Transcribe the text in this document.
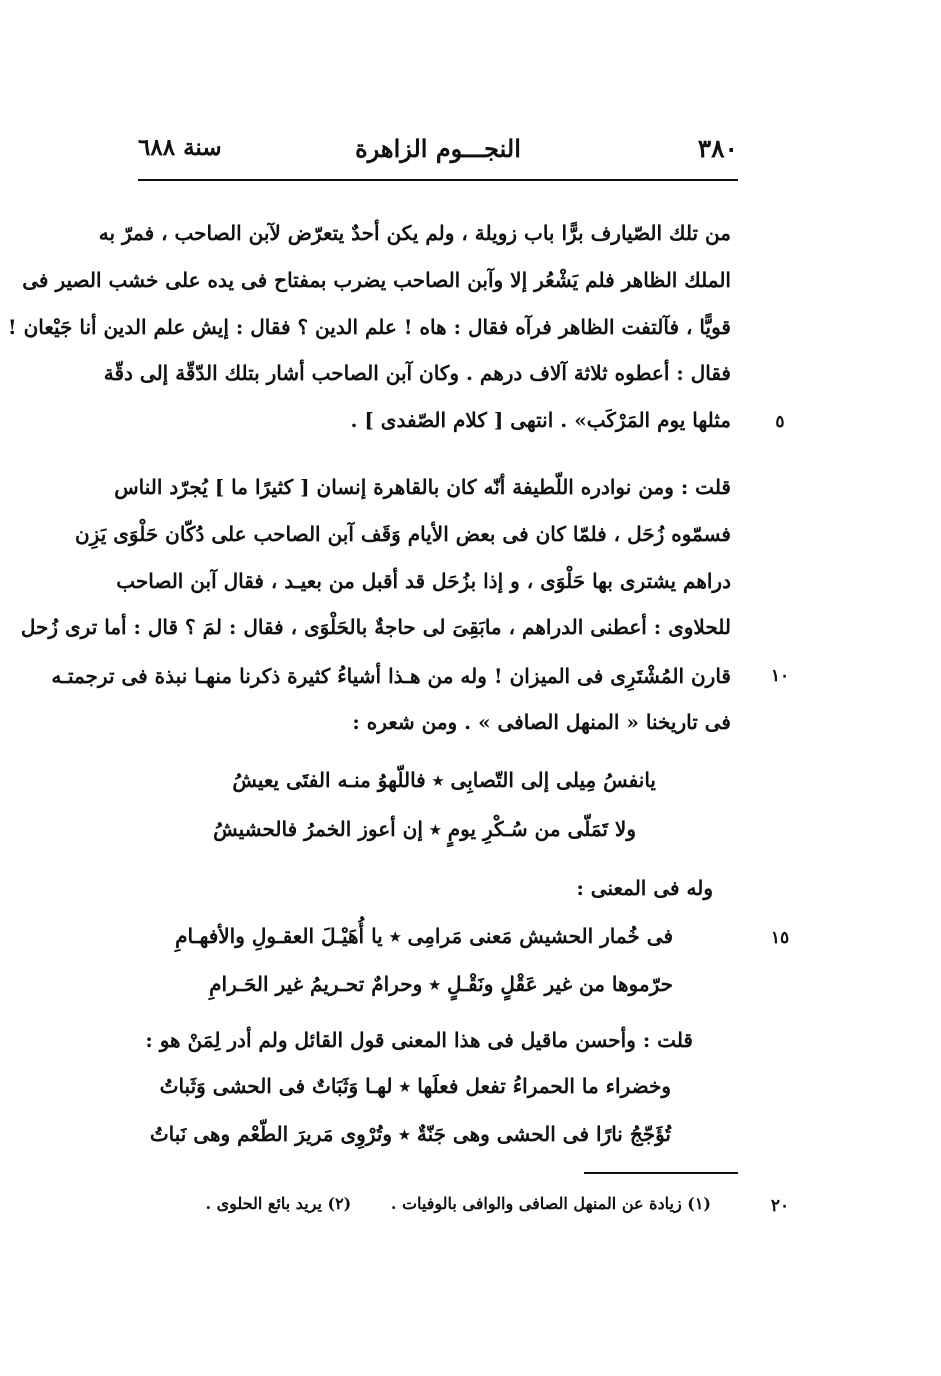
٣٨٠
النجـــوم الزاهرة
سنة ٦٨٨
من تلك الصّيارف برًّا باب زويلة ، ولم يكن أحدٌ يتعرّض لآبن الصاحب ، فمرّ به
الملك الظاهر فلم يَشْعُر إلا وآبن الصاحب يضرب بمفتاح فى يده على خشب الصير فى
قويًّا ، فآلتفت الظاهر فرآه فقال : هاه ! علم الدين ؟ فقال : إيش علم الدين أنا جَيْعان !
فقال : أعطوه ثلاثة آلاف درهم . وكان آبن الصاحب أشار بتلك الدّقّة إلى دقّة
مثلها يوم المَرْكَب» . انتهى [ كلام الصّفدى ] .	٥
قلت : ومن نوادره اللّطيفة أنّه كان بالقاهرة إنسان [ كثيرًا ما ] يُجرّد الناس
فسمّوه زُحَل ، فلمّا كان فى بعض الأيام وَقَف آبن الصاحب على دُكّان حَلْوَى يَزِن
دراهم يشترى بها حَلْوَى ، و إذا بزُحَل قد أقبل من بعيـد ، فقال آبن الصاحب
للحلاوى : أعطنى الدراهم ، مابَقِىَ لى حاجةٌ بالحَلْوَى ، فقال : لمَ ؟ قال : أما ترى زُحل
قارن المُشْتَرِى فى الميزان ! وله من هـذا أشياءُ كثيرة ذكرنا منهـا نبذة فى ترجمتـه
فى تاريخنا « المنهل الصافى » . ومن شعره :
١٠
يانفسُ مِيلى إلى التّصابِى ٭ فاللّهوُ منـه الفتَى يعيشُ
ولا تَمَلّى من سُـكْرِ يومٍ ٭ إن أعوز الخمرُ فالحشيشُ
وله فى المعنى :
فى خُمار الحشيش مَعنى مَرامِى ٭ يا أُهَيْـلَ العقـولِ والأفهـامِ
حرّموها من غير عَقْلٍ ونَقْـلٍ ٭ وحرامٌ تحـريمُ غير الحَـرامِ
١٥
قلت : وأحسن ماقيل فى هذا المعنى قول القائل ولم أدر لِمَنْ هو :
وخضراء ما الحمراءُ تفعل فعلَها ٭ لهـا وَثَبَاتٌ فى الحشى وَثَباتُ
تُؤَجّجُ نارًا فى الحشى وهى جَنّةٌ ٭ وتُرْوِى مَريرَ الطّعْم وهى نَباتُ
(١) زيادة عن المنهل الصافى والوافى بالوفيات . (٢) يريد بائع الحلوى .	٢٠
